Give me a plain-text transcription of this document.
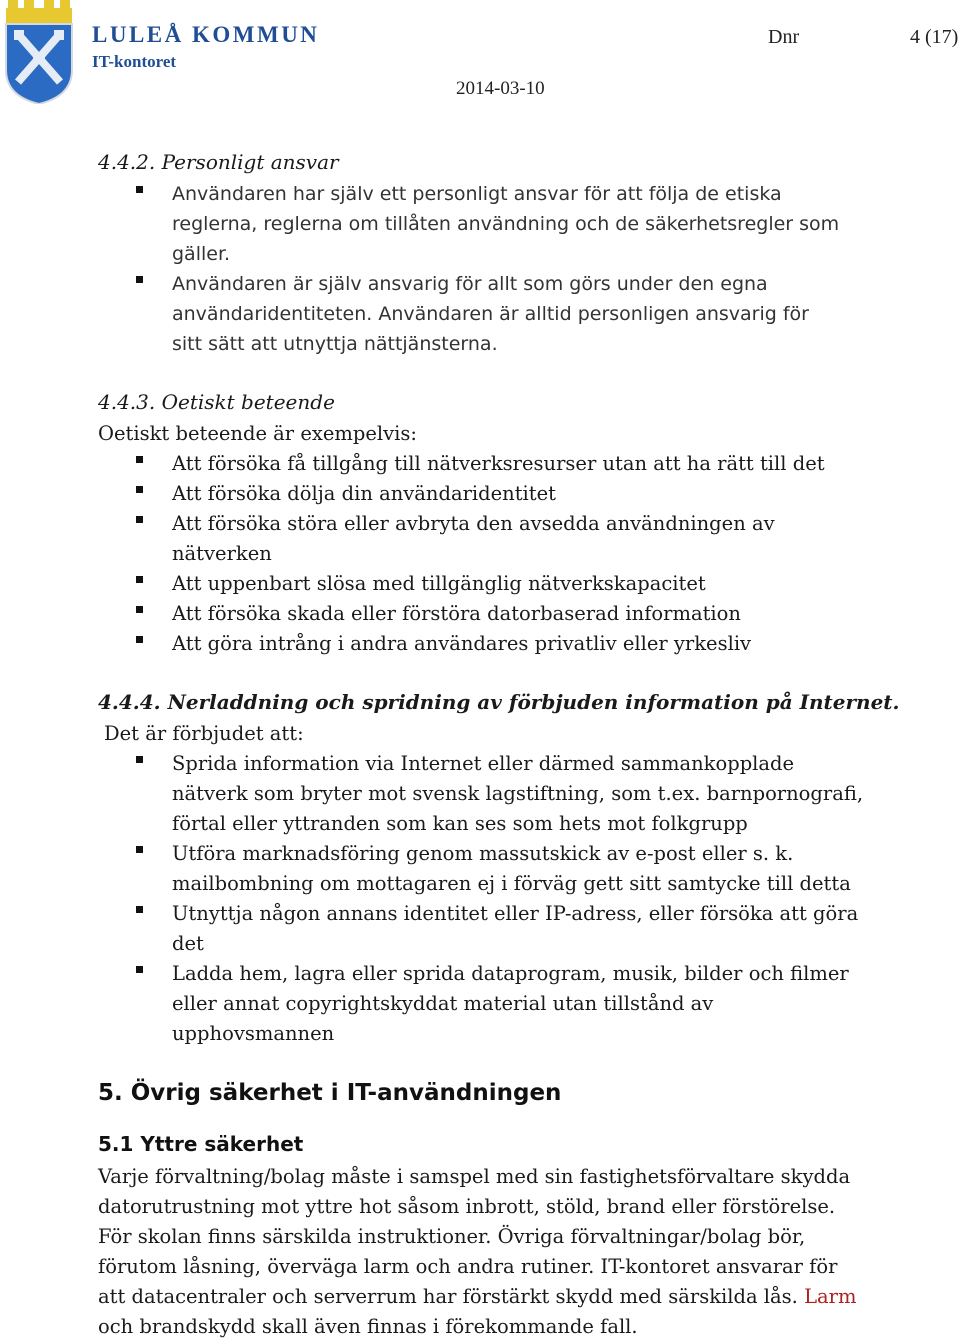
LULEÅ KOMMUN
IT-kontoret
Dnr	4 (17)
2014-03-10
4.4.2. Personligt ansvar
Användaren har själv ett personligt ansvar för att följa de etiska
reglerna, reglerna om tillåten användning och de säkerhetsregler som
gäller.
Användaren är själv ansvarig för allt som görs under den egna
användaridentiteten. Användaren är alltid personligen ansvarig för
sitt sätt att utnyttja nättjänsterna.
4.4.3. Oetiskt beteende
Oetiskt beteende är exempelvis:
Att försöka få tillgång till nätverksresurser utan att ha rätt till det
Att försöka dölja din användaridentitet
Att försöka störa eller avbryta den avsedda användningen av
nätverken
Att uppenbart slösa med tillgänglig nätverkskapacitet
Att försöka skada eller förstöra datorbaserad information
Att göra intrång i andra användares privatliv eller yrkesliv
4.4.4. Nerladdning och spridning av förbjuden information på Internet.
Det är förbjudet att:
Sprida information via Internet eller därmed sammankopplade
nätverk som bryter mot svensk lagstiftning, som t.ex. barnpornografi,
förtal eller yttranden som kan ses som hets mot folkgrupp
Utföra marknadsföring genom massutskick av e-post eller s. k.
mailbombning om mottagaren ej i förväg gett sitt samtycke till detta
Utnyttja någon annans identitet eller IP-adress, eller försöka att göra
det
Ladda hem, lagra eller sprida dataprogram, musik, bilder och filmer
eller annat copyrightskyddat material utan tillstånd av
upphovsmannen
5. Övrig säkerhet i IT-användningen
5.1 Yttre säkerhet
Varje förvaltning/bolag måste i samspel med sin fastighetsförvaltare skydda
datorutrustning mot yttre hot såsom inbrott, stöld, brand eller förstörelse.
För skolan finns särskilda instruktioner. Övriga förvaltningar/bolag bör,
förutom låsning, överväga larm och andra rutiner. IT-kontoret ansvarar för
att datacentraler och serverrum har förstärkt skydd med särskilda lås. Larm
och brandskydd skall även finnas i förekommande fall.
